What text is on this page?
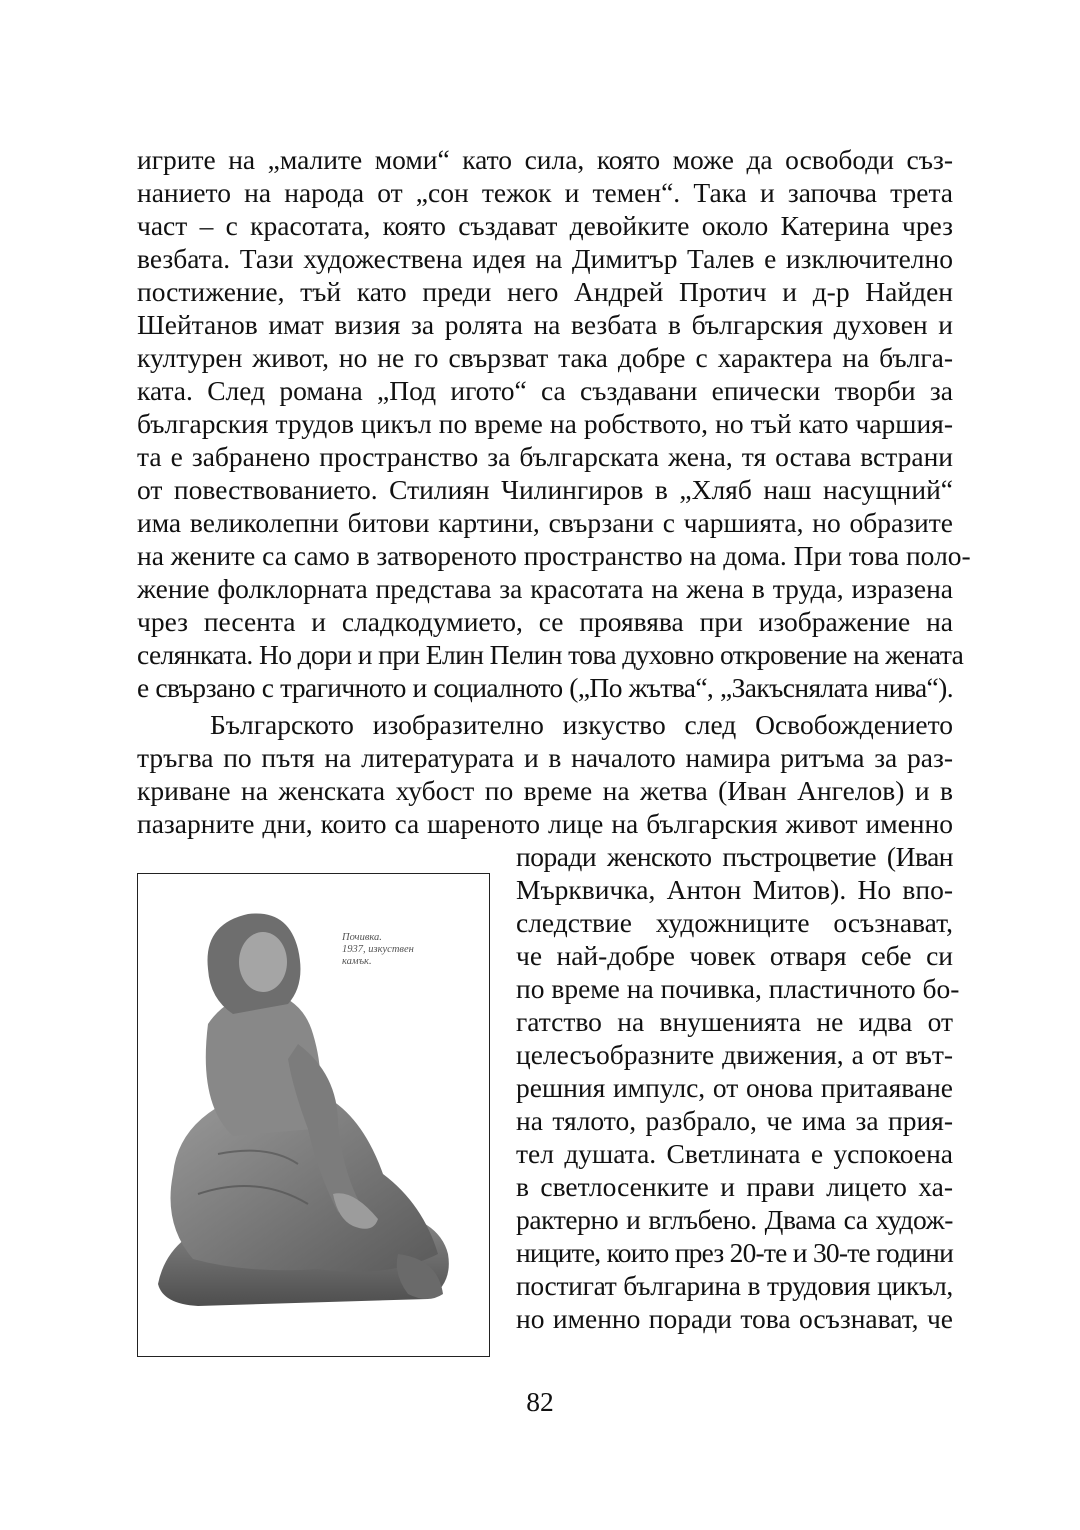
игрите на „малите моми“ като сила, която може да освободи съз-
нанието на народа от „сон тежок и темен“. Така и започва трета
част – с красотата, която създават девойките около Катерина чрез
везбата. Тази художествена идея на Димитър Талев е изключително
постижение, тъй като преди него Андрей Протич и д-р Найден
Шейтанов имат визия за ролята на везбата в българския духовен и
културен живот, но не го свързват така добре с характера на бълга-
ката. След романа „Под игото“ са създавани епически творби за
българския трудов цикъл по време на робството, но тъй като чаршия-
та е забранено пространство за българската жена, тя остава встрани
от повествованието. Стилиян Чилингиров в „Хляб наш насущний“
има великолепни битови картини, свързани с чаршията, но образите
на жените са само в затвореното пространство на дома. При това поло-
жение фолклорната представа за красотата на жена в труда, изразена
чрез песента и сладкодумието, се проявява при изображение на
селянката. Но дори и при Елин Пелин това духовно откровение на жената
е свързано с трагичното и социалното („По жътва“, „Закъснялата нива“).
Българското изобразително изкуство след Освобождението
тръгва по пътя на литературата и в началото намира ритъма за раз-
криване на женската хубост по време на жетва (Иван Ангелов) и в
пазарните дни, които са шареното лице на българския живот именно
поради женското пъстроцветие (Иван
Мърквичка, Антон Митов). Но впо-
следствие художниците осъзнават,
че най-добре човек отваря себе си
по време на почивка, пластичното бо-
гатство на внушенията не идва от
целесъобразните движения, а от вът-
решния импулс, от онова притаяване
на тялото, разбрало, че има за прия-
тел душата. Светлината е успокоена
в светлосенките и прави лицето ха-
рактерно и вглъбено. Двама са худож-
ниците, които през 20-те и 30-те години
постигат българина в трудовия цикъл,
но именно поради това осъзнават, че
Почивка.
1937, изкуствен
камък.
82
